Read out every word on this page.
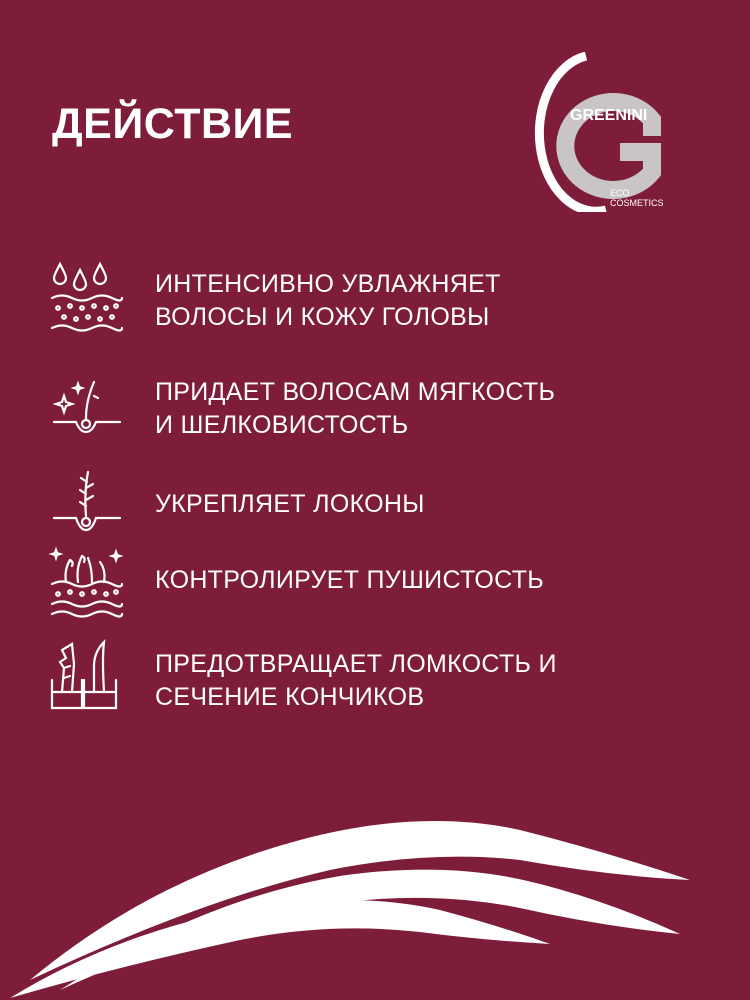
ДЕЙСТВИЕ	GREENINI
ECO
COSMETICS
ИНТЕНСИВНО УВЛАЖНЯЕТ
ВОЛОСЫ И КОЖУ ГОЛОВЫ
ПРИДАЕТ ВОЛОСАМ МЯГКОСТЬ
И ШЕЛКОВИСТОСТЬ
УКРЕПЛЯЕТ ЛОКОНЫ
КОНТРОЛИРУЕТ ПУШИСТОСТЬ
ПРЕДОТВРАЩАЕТ ЛОМКОСТЬ И
СЕЧЕНИЕ КОНЧИКОВ
